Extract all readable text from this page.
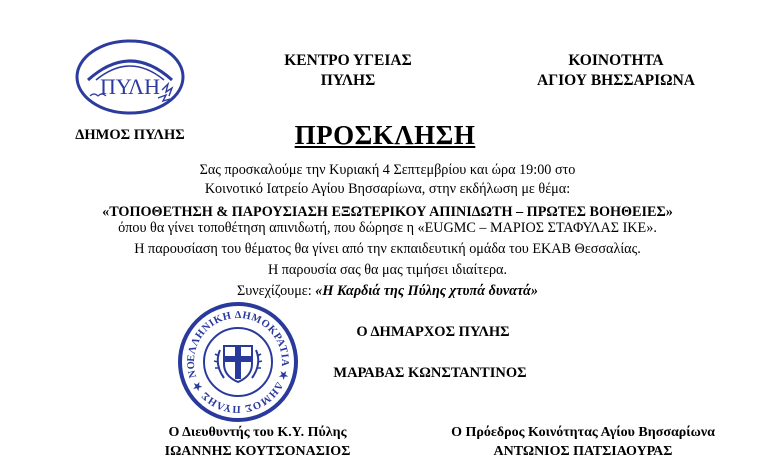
ΠΥΛΗ
ΔΗΜΟΣ ΠΥΛΗΣ
ΚΕΝΤΡΟ ΥΓΕΙΑΣ
ΠΥΛΗΣ
ΚΟΙΝΟΤΗΤΑ
ΑΓΙΟΥ ΒΗΣΣΑΡΙΩΝΑ
ΠΡΟΣΚΛΗΣΗ
Σας προσκαλούμε την Κυριακή 4 Σεπτεμβρίου και ώρα 19:00 στο
Κοινοτικό Ιατρείο Αγίου Βησσαρίωνα, στην εκδήλωση με θέμα:
«ΤΟΠΟΘΕΤΗΣΗ & ΠΑΡΟΥΣΙΑΣΗ ΕΞΩΤΕΡΙΚΟΥ ΑΠΙΝΙΔΩΤΗ – ΠΡΩΤΕΣ ΒΟΗΘΕΙΕΣ»
όπου θα γίνει τοποθέτηση απινιδωτή, που δώρησε η «EUGMC – ΜΑΡΙΟΣ ΣΤΑΦΥΛΑΣ ΙΚΕ».
Η παρουσίαση του θέματος θα γίνει από την εκπαιδευτική ομάδα του ΕΚΑΒ Θεσσαλίας.
Η παρουσία σας θα μας τιμήσει ιδιαίτερα.
Συνεχίζουμε: «Η Καρδιά της Πύλης χτυπά δυνατά»
ΕΛΛΗΝΙΚΗ ΔΗΜΟΚΡΑΤΙΑ ★ ΔΗΜΟΣ ΠΥΛΗΣ ★ ΝΟ
Ο ΔΗΜΑΡΧΟΣ ΠΥΛΗΣ
ΜΑΡΑΒΑΣ ΚΩΝΣΤΑΝΤΙΝΟΣ
Ο Διευθυντής του Κ.Υ. Πύλης
ΙΩΑΝΝΗΣ ΚΟΥΤΣΟΝΑΣΙΟΣ
Ο Πρόεδρος Κοινότητας Αγίου Βησσαρίωνα
ΑΝΤΩΝΙΟΣ ΠΑΤΣΙΑΟΥΡΑΣ
